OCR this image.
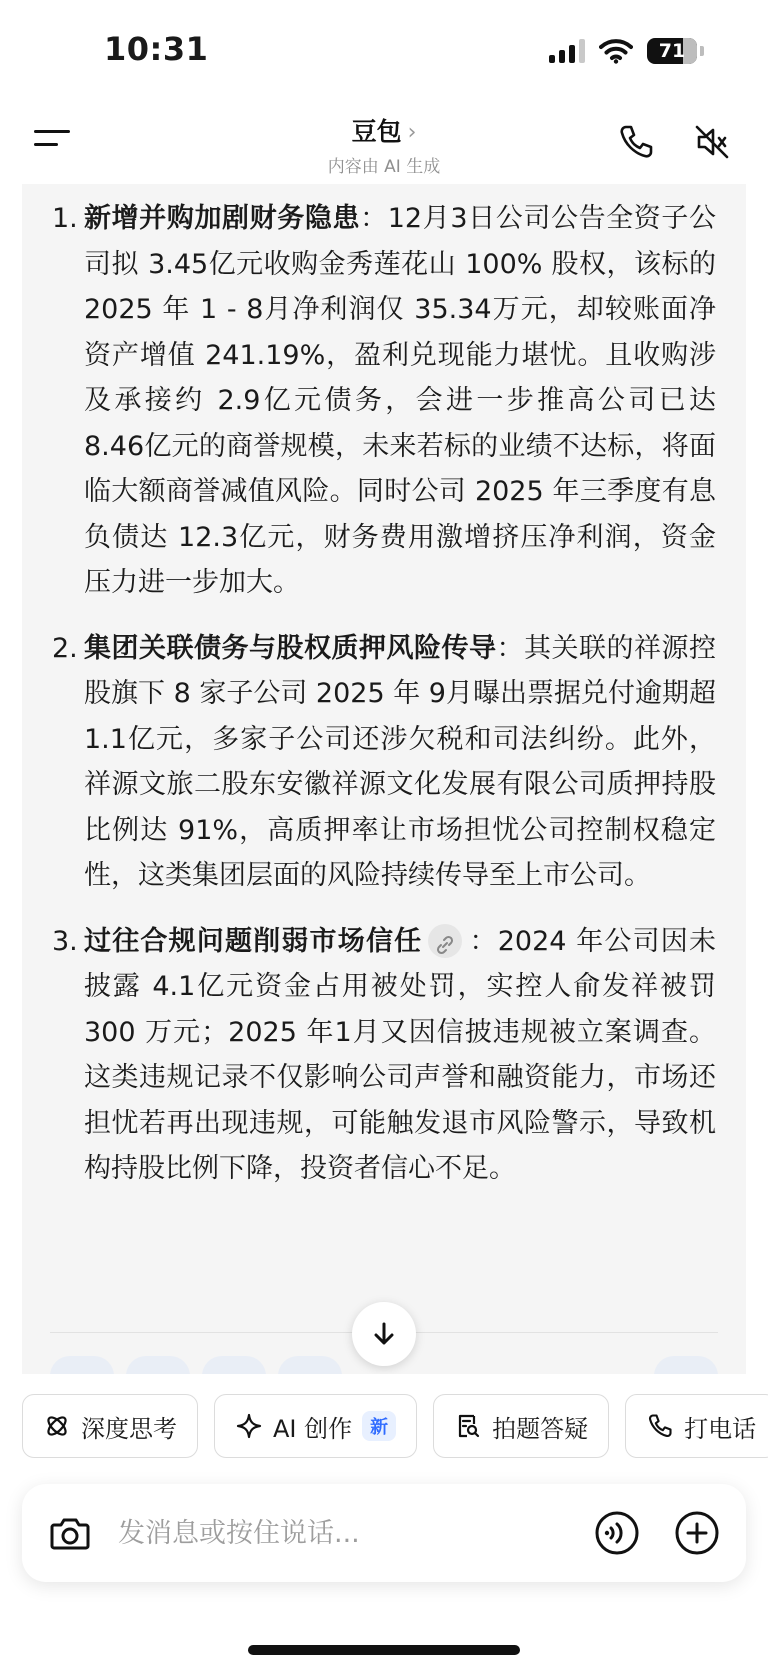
10:31	71
豆包 ›
内容由 AI 生成
1. 新增并购加剧财务隐患：12月3日公司公告全资子公司拟 3.45亿元收购金秀莲花山 100% 股权，该标的 2025 年 1 - 8月净利润仅 35.34万元，却较账面净资产增值 241.19%，盈利兑现能力堪忧。且收购涉及承接约 2.9亿元债务，会进一步推高公司已达 8.46亿元的商誉规模，未来若标的业绩不达标，将面临大额商誉减值风险。同时公司 2025 年三季度有息负债达 12.3亿元，财务费用激增挤压净利润，资金压力进一步加大。
2. 集团关联债务与股权质押风险传导：其关联的祥源控股旗下 8 家子公司 2025 年 9月曝出票据兑付逾期超 1.1亿元，多家子公司还涉欠税和司法纠纷。此外，祥源文旅二股东安徽祥源文化发展有限公司质押持股比例达 91%，高质押率让市场担忧公司控制权稳定性，这类集团层面的风险持续传导至上市公司。
3. 过往合规问题削弱市场信任 ：2024 年公司因未披露 4.1亿元资金占用被处罚，实控人俞发祥被罚 300 万元；2025 年1月又因信披违规被立案调查。这类违规记录不仅影响公司声誉和融资能力，市场还担忧若再出现违规，可能触发退市风险警示，导致机构持股比例下降，投资者信心不足。
深度思考	AI 创作	新	拍题答疑	打电话
发消息或按住说话...
